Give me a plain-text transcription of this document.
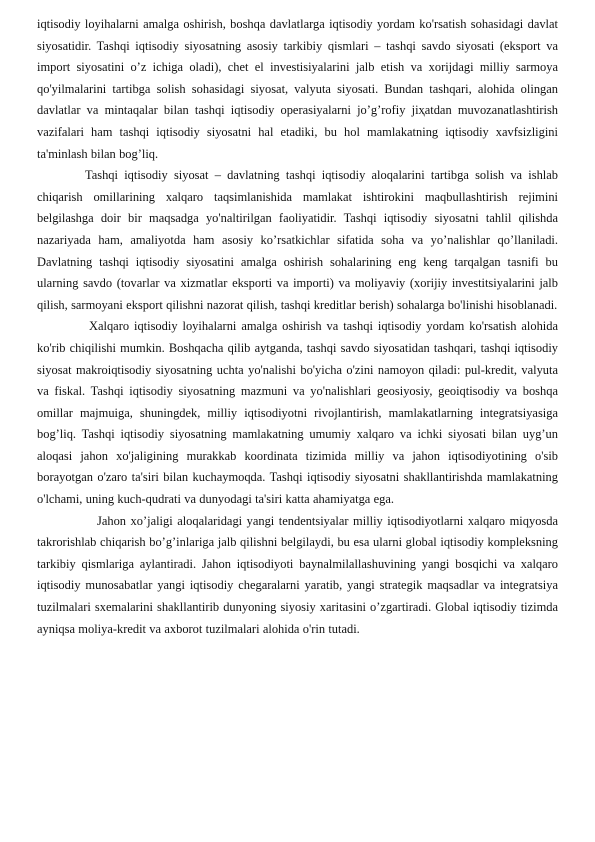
iqtisodiy loyihalarni amalga oshirish, boshqa davlatlarga iqtisodiy yordam ko'rsatish sohasidagi davlat siyosatidir. Tashqi iqtisodiy siyosatning asosiy tarkibiy qismlari – tashqi savdo siyosati (eksport va import siyosatini o’z ichiga oladi), chet el investisiyalarini jalb etish va xorijdagi milliy sarmoya qo'yilmalarini tartibga solish sohasidagi siyosat, valyuta siyosati. Bundan tashqari, alohida olingan davlatlar va mintaqalar bilan tashqi iqtisodiy operasiyalarni jo’g’rofiy jiҳatdan muvozanatlashtirish vazifalari ham tashqi iqtisodiy siyosatni hal etadiki, bu hol mamlakatning iqtisodiy xavfsizligini ta'minlash bilan bog’liq.

Tashqi iqtisodiy siyosat – davlatning tashqi iqtisodiy aloqalarini tartibga solish va ishlab chiqarish omillarining xalqaro taqsimlanishida mamlakat ishtirokini maqbullashtirish rejimini belgilashga doir bir maqsadga yo'naltirilgan faoliyatidir. Tashqi iqtisodiy siyosatni tahlil qilishda nazariyada ham, amaliyotda ham asosiy ko’rsatkichlar sifatida soha va yo’nalishlar qo’llaniladi. Davlatning tashqi iqtisodiy siyosatini amalga oshirish sohalarining eng keng tarqalgan tasnifi bu ularning savdo (tovarlar va xizmatlar eksporti va importi) va moliyaviy (xorijiy investitsiyalarini jalb qilish, sarmoyani eksport qilishni nazorat qilish, tashqi kreditlar berish) sohalarga bo'linishi hisoblanadi.

Xalqaro iqtisodiy loyihalarni amalga oshirish va tashqi iqtisodiy yordam ko'rsatish alohida ko'rib chiqilishi mumkin. Boshqacha qilib aytganda, tashqi savdo siyosatidan tashqari, tashqi iqtisodiy siyosat makroiqtisodiy siyosatning uchta yo'nalishi bo'yicha o'zini namoyon qiladi: pul-kredit, valyuta va fiskal. Tashqi iqtisodiy siyosatning mazmuni va yo'nalishlari geosiyosiy, geoiqtisodiy va boshqa omillar majmuiga, shuningdek, milliy iqtisodiyotni rivojlantirish, mamlakatlarning integratsiyasiga bog’liq. Tashqi iqtisodiy siyosatning mamlakatning umumiy xalqaro va ichki siyosati bilan uyg’un aloqasi jahon xo'jaligining murakkab koordinata tizimida milliy va jahon iqtisodiyotining o'sib borayotgan o'zaro ta'siri bilan kuchaymoqda. Tashqi iqtisodiy siyosatni shakllantirishda mamlakatning o'lchami, uning kuch-qudrati va dunyodagi ta'siri katta ahamiyatga ega.

Jahon xo’jaligi aloqalaridagi yangi tendentsiyalar milliy iqtisodiyotlarni xalqaro miqyosda takrorishlab chiqarish bo’g’inlariga jalb qilishni belgilaydi, bu esa ularni global iqtisodiy kompleksning tarkibiy qismlariga aylantiradi. Jahon iqtisodiyoti baynalmilallashuvining yangi bosqichi va xalqaro iqtisodiy munosabatlar yangi iqtisodiy chegaralarni yaratib, yangi strategik maqsadlar va integratsiya tuzilmalari sxemalarini shakllantirib dunyoning siyosiy xaritasini o’zgartiradi. Global iqtisodiy tizimda ayniqsa moliya-kredit va axborot tuzilmalari alohida o'rin tutadi.
